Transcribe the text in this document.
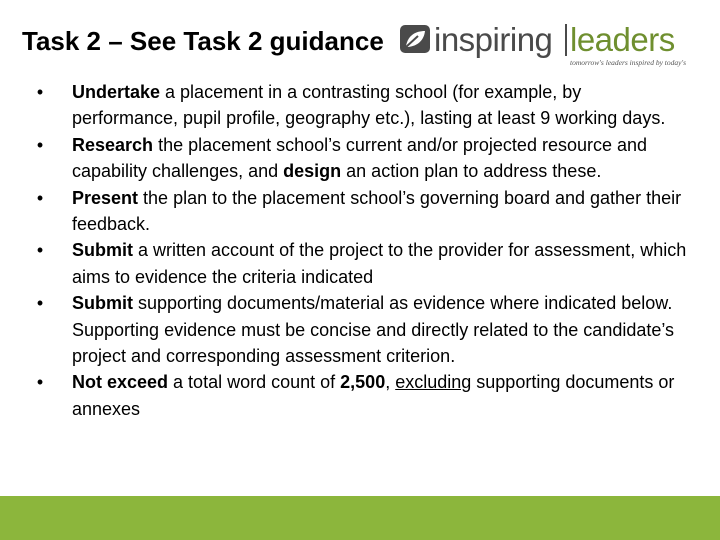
Task 2 – See Task 2 guidance inspiring leaders
tomorrow's leaders inspired by today's
•	Undertake a placement in a contrasting school (for example, by performance, pupil profile, geography etc.), lasting at least 9 working days.
•	Research the placement school’s current and/or projected resource and capability challenges, and design an action plan to address these.
•	Present the plan to the placement school’s governing board and gather their feedback.
•	Submit a written account of the project to the provider for assessment, which aims to evidence the criteria indicated
•	Submit supporting documents/material as evidence where indicated below. Supporting evidence must be concise and directly related to the candidate’s project and corresponding assessment criterion.
•	Not exceed a total word count of 2,500, excluding supporting documents or annexes
